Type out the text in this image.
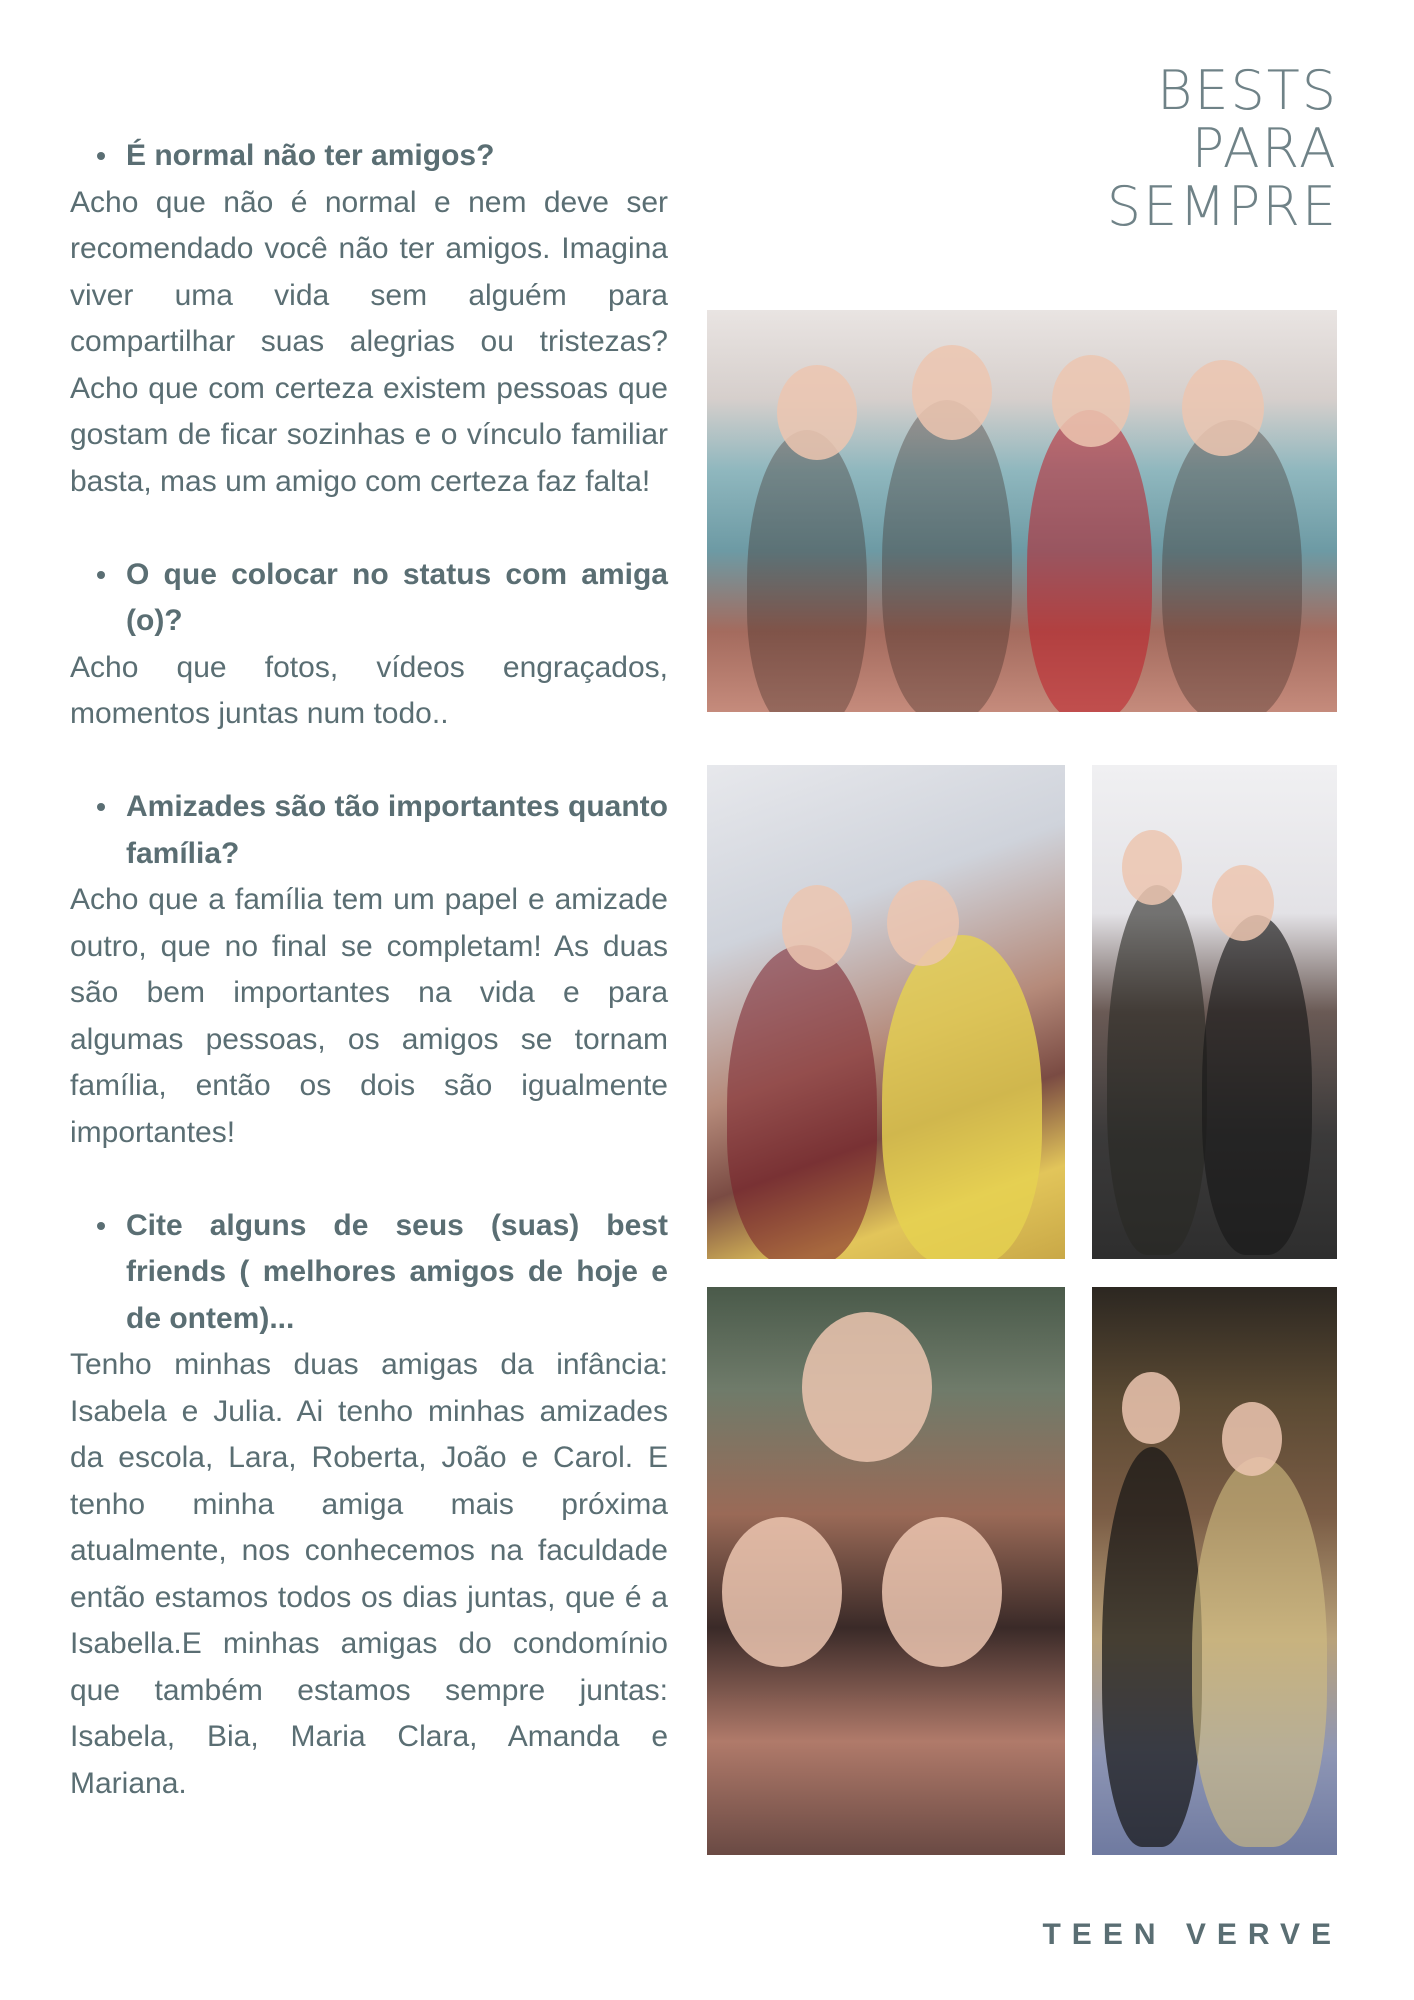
BESTS
PARA
SEMPRE

É normal não ter amigos?

Acho que não é normal e nem deve ser recomendado você não ter amigos. Imagina viver uma vida sem alguém para compartilhar suas alegrias ou tristezas? Acho que com certeza existem pessoas que gostam de ficar sozinhas e o vínculo familiar basta, mas um amigo com certeza faz falta!

O que colocar no status com amiga (o)?

Acho que fotos, vídeos engraçados, momentos juntas num todo..

Amizades são tão importantes quanto família?

Acho que a família tem um papel e amizade outro, que no final se completam! As duas são bem importantes na vida e para algumas pessoas, os amigos se tornam família, então os dois são igualmente importantes!

Cite alguns de seus (suas) best friends ( melhores amigos de hoje e de ontem)...

Tenho minhas duas amigas da infância: Isabela e Julia. Ai tenho minhas amizades da escola, Lara, Roberta, João e Carol. E tenho minha amiga mais próxima atualmente, nos conhecemos na faculdade então estamos todos os dias juntas, que é a Isabella.E minhas amigas do condomínio que também estamos sempre juntas: Isabela, Bia, Maria Clara, Amanda e Mariana.

TEEN VERVE
